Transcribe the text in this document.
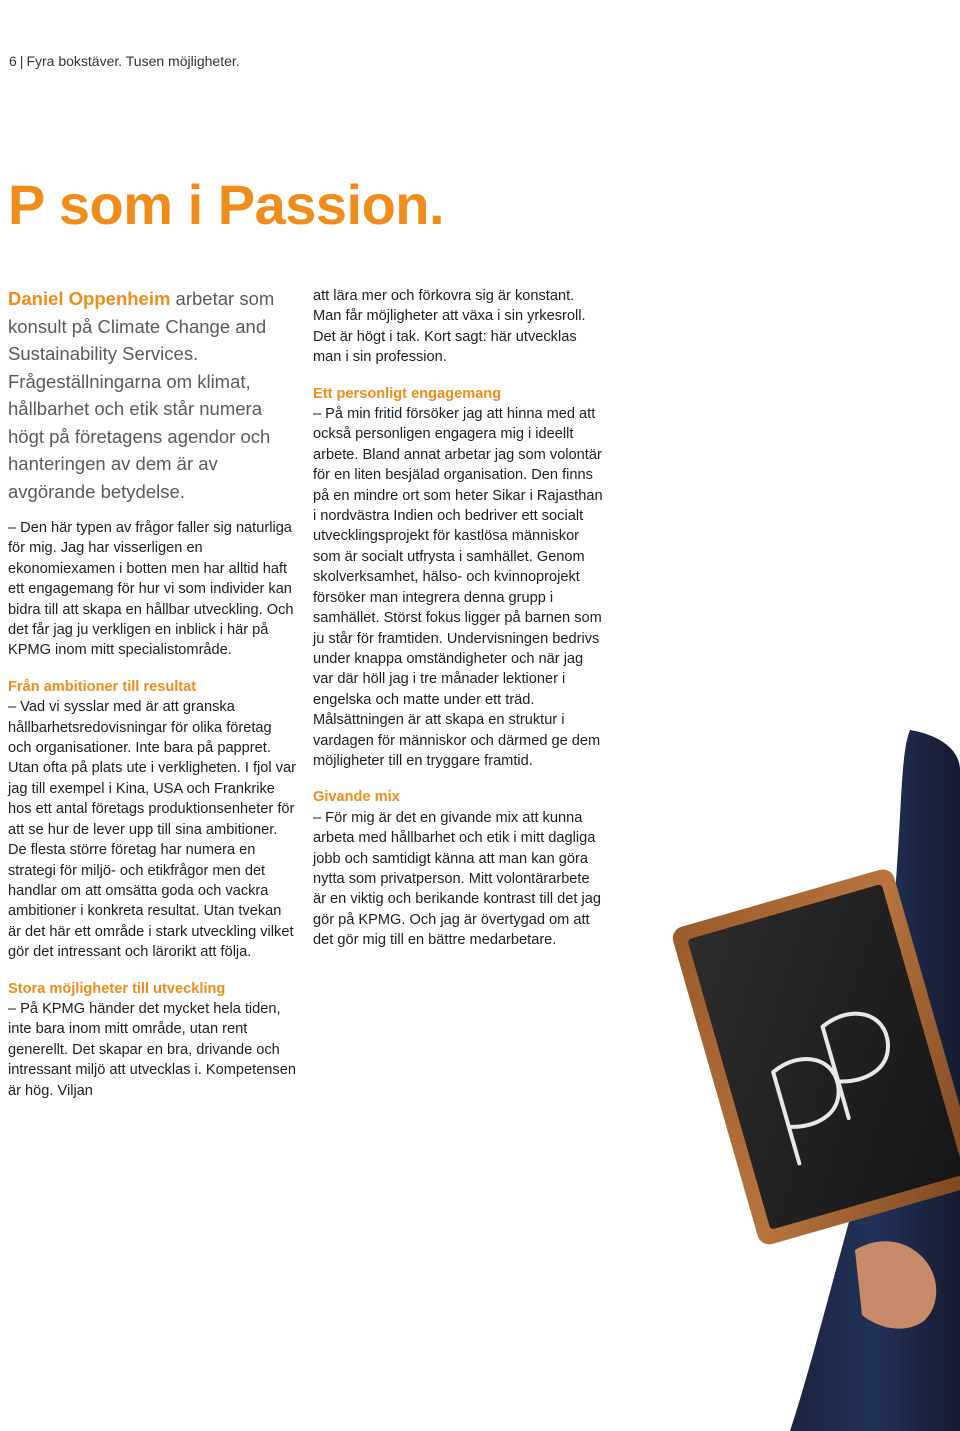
6 | Fyra bokstäver. Tusen möjligheter.
P som i Passion.
Daniel Oppenheim arbetar som konsult på Climate Change and Sustainability Services. Frågeställningarna om klimat, hållbarhet och etik står numera högt på företagens agendor och hanteringen av dem är av avgörande betydelse.

– Den här typen av frågor faller sig naturliga för mig. Jag har visserligen en ekonomiexamen i botten men har alltid haft ett engagemang för hur vi som individer kan bidra till att skapa en hållbar utveckling. Och det får jag ju verkligen en inblick i här på KPMG inom mitt specialistområde.

Från ambitioner till resultat

– Vad vi sysslar med är att granska hållbarhetsredovisningar för olika företag och organisationer. Inte bara på pappret. Utan ofta på plats ute i verkligheten. I fjol var jag till exempel i Kina, USA och Frankrike hos ett antal företags produktionsenheter för att se hur de lever upp till sina ambitioner. De flesta större företag har numera en strategi för miljö- och etikfrågor men det handlar om att omsätta goda och vackra ambitioner i konkreta resultat. Utan tvekan är det här ett område i stark utveckling vilket gör det intressant och lärorikt att följa.

Stora möjligheter till utveckling

– På KPMG händer det mycket hela tiden, inte bara inom mitt område, utan rent generellt. Det skapar en bra, drivande och intressant miljö att utvecklas i. Kompetensen är hög. Viljan

att lära mer och förkovra sig är konstant. Man får möjligheter att växa i sin yrkesroll. Det är högt i tak. Kort sagt: här utvecklas man i sin profession.

Ett personligt engagemang

– På min fritid försöker jag att hinna med att också personligen engagera mig i ideellt arbete. Bland annat arbetar jag som volontär för en liten besjälad organisation. Den finns på en mindre ort som heter Sikar i Rajasthan i nordvästra Indien och bedriver ett socialt utvecklingsprojekt för kastlösa människor som är socialt utfrysta i samhället. Genom skolverksamhet, hälso- och kvinnoprojekt försöker man integrera denna grupp i samhället. Störst fokus ligger på barnen som ju står för framtiden. Undervisningen bedrivs under knappa omständigheter och när jag var där höll jag i tre månader lektioner i engelska och matte under ett träd. Målsättningen är att skapa en struktur i vardagen för människor och därmed ge dem möjligheter till en tryggare framtid.

Givande mix

– För mig är det en givande mix att kunna arbeta med hållbarhet och etik i mitt dagliga jobb och samtidigt känna att man kan göra nytta som privatperson. Mitt volontärarbete är en viktig och berikande kontrast till det jag gör på KPMG. Och jag är övertygad om att det gör mig till en bättre medarbetare.
